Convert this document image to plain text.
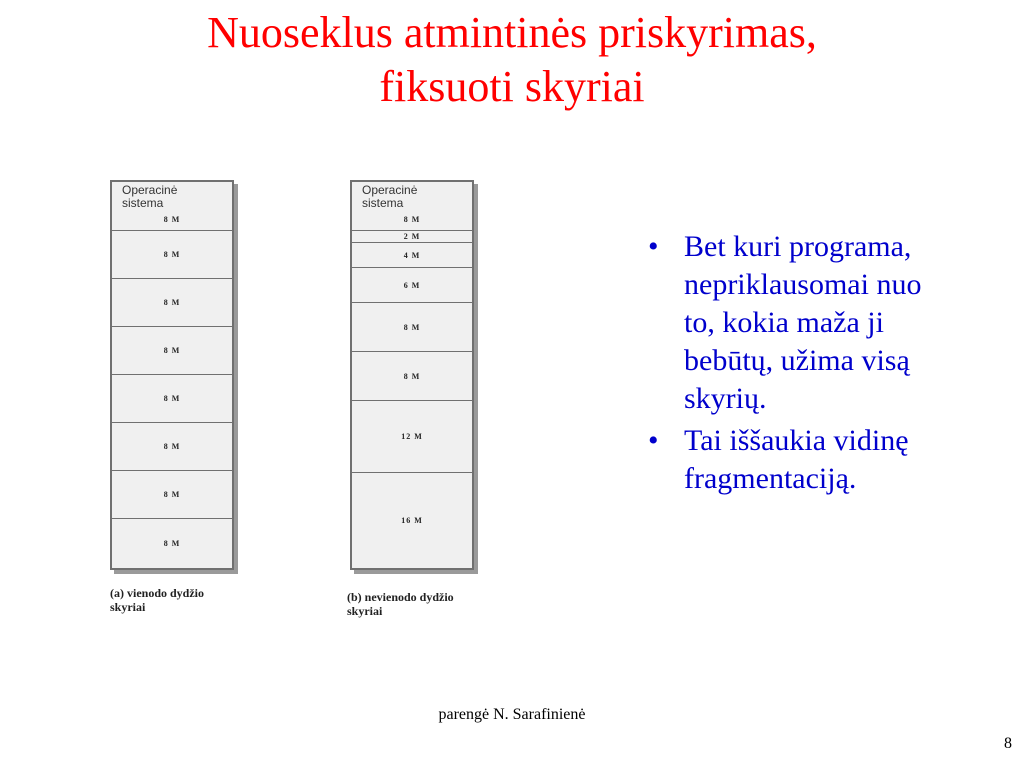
Nuoseklus atmintinės priskyrimas,
fiksuoti skyriai
Operacinė
sistema
8 M
8 M
8 M
8 M
8 M
8 M
8 M
8 M
(a) vienodo dydžio
skyriai
Operacinė
sistema
8 M
2 M
4 M
6 M
8 M
8 M
12 M
16 M
(b) nevienodo dydžio
skyriai
• Bet kuri programa, nepriklausomai nuo to, kokia maža ji bebūtų, užima visą skyrių.
• Tai iššaukia vidinę fragmentaciją.
parengė N. Sarafinienė
8
